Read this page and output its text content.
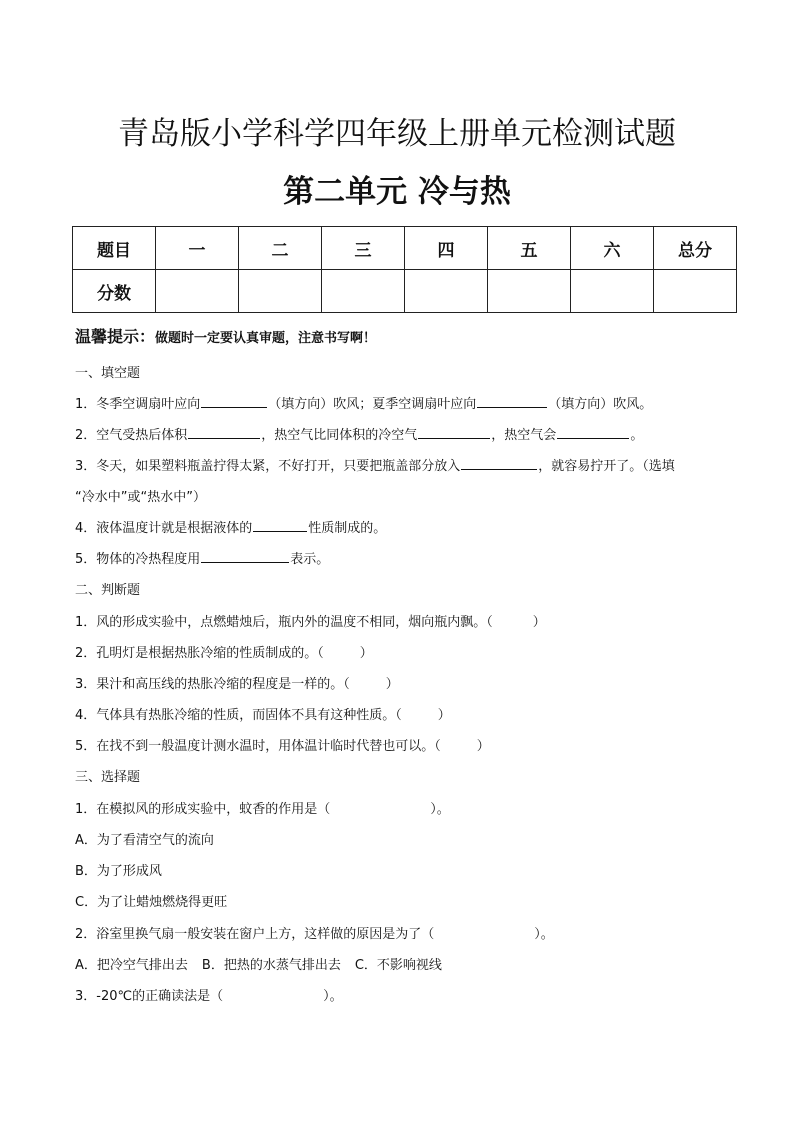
青岛版小学科学四年级上册单元检测试题
第二单元 冷与热
题目	一	二	三	四	五	六	总分
分数							
温馨提示：做题时一定要认真审题，注意书写啊！
一、填空题
1．冬季空调扇叶应向	（填方向）吹风；夏季空调扇叶应向	（填方向）吹风。
2．空气受热后体积	，热空气比同体积的冷空气	，热空气会	。
3．冬天，如果塑料瓶盖拧得太紧，不好打开，只要把瓶盖部分放入	，就容易拧开了。（选填
“冷水中”或“热水中”）
4．液体温度计就是根据液体的	性质制成的。
5．物体的冷热程度用	表示。
二、判断题
1．风的形成实验中，点燃蜡烛后，瓶内外的温度不相同，烟向瓶内飘。（	）
2．孔明灯是根据热胀冷缩的性质制成的。（	）
3．果汁和高压线的热胀冷缩的程度是一样的。（	）
4．气体具有热胀冷缩的性质，而固体不具有这种性质。（	）
5．在找不到一般温度计测水温时，用体温计临时代替也可以。（	）
三、选择题
1．在模拟风的形成实验中，蚊香的作用是（	）。
A．为了看清空气的流向
B．为了形成风
C．为了让蜡烛燃烧得更旺
2．浴室里换气扇一般安装在窗户上方，这样做的原因是为了（	）。
A．把冷空气排出去 B．把热的水蒸气排出去 C．不影响视线
3．-20℃的正确读法是（	）。
